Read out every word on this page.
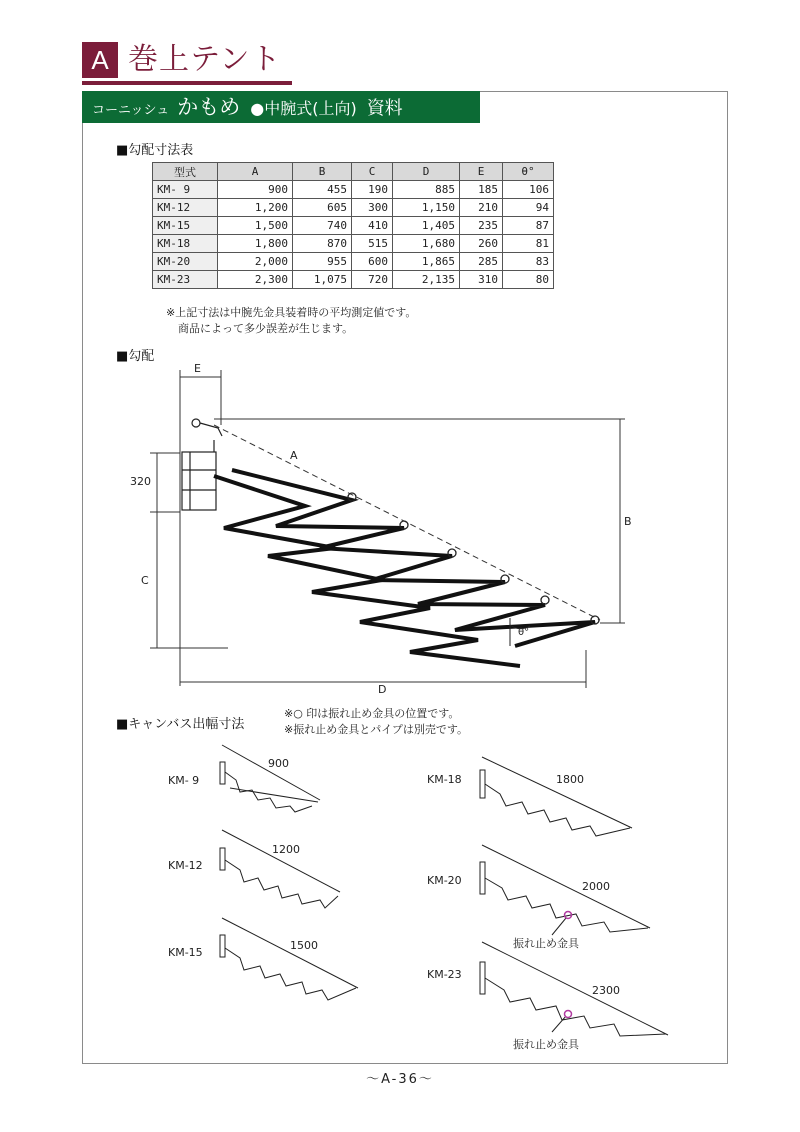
A 巻上テント
コーニッシュ かもめ ●中腕式(上向) 資料
■勾配寸法表
型式	A	B	C	D	E	θ°
KM- 9	900	455	190	885	185	106
KM-12	1,200	605	300	1,150	210	94
KM-15	1,500	740	410	1,405	235	87
KM-18	1,800	870	515	1,680	260	81
KM-20	2,000	955	600	1,865	285	83
KM-23	2,300	1,075	720	2,135	310	80
※上記寸法は中腕先金具装着時の平均測定値です。
商品によって多少誤差が生じます。
■勾配
E
A
B
C
D
320
θ°
■キャンバス出幅寸法
※○ 印は振れ止め金具の位置です。
※振れ止め金具とパイプは別売です。
KM- 9
900
KM-12
1200
KM-15
1500
KM-18	1800
KM-20	2000
振れ止め金具
KM-23
2300
振れ止め金具
～A-36～
